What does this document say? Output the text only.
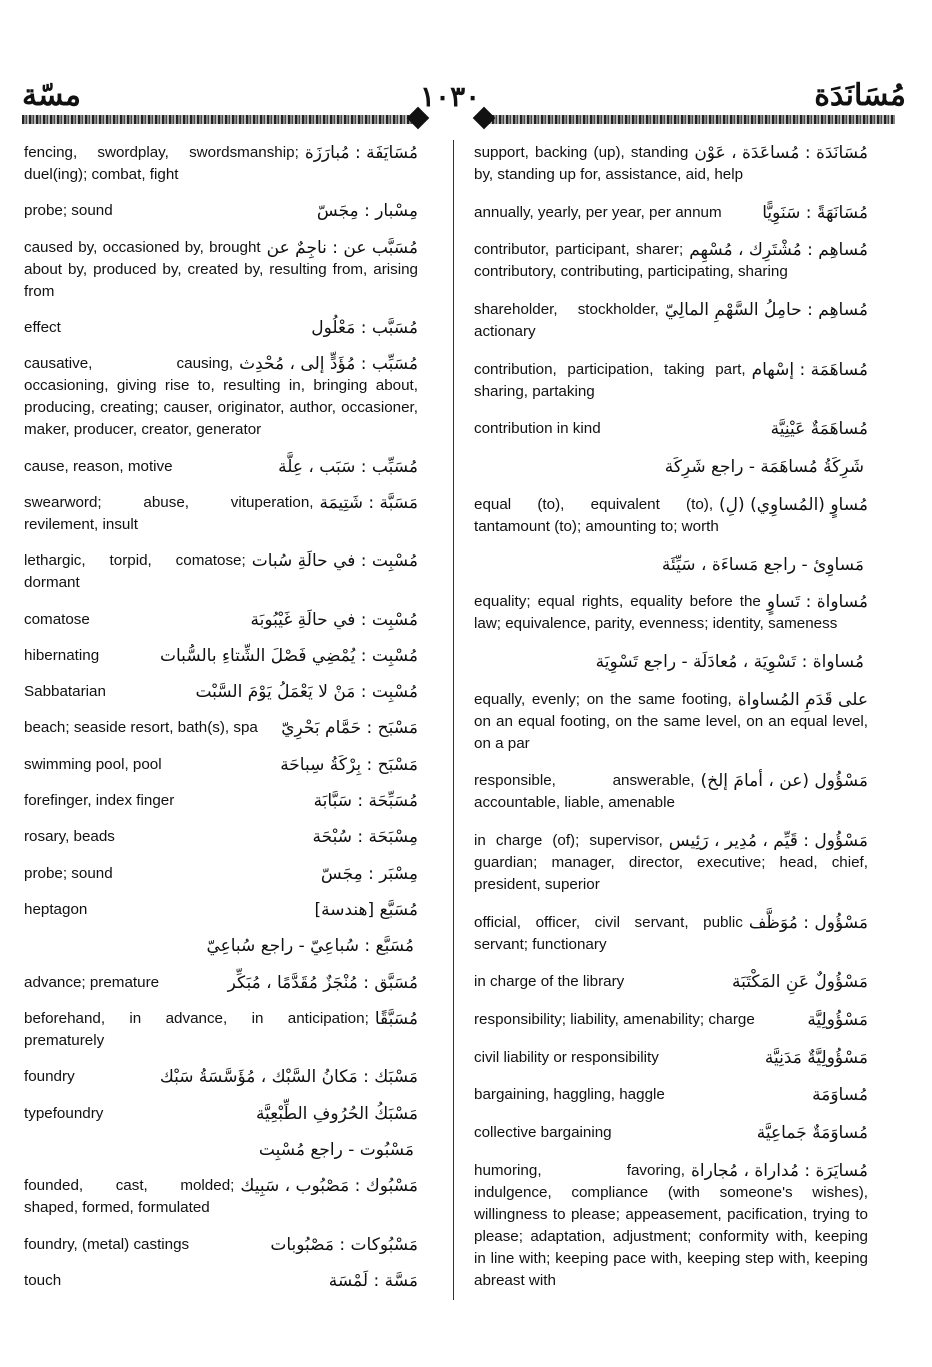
مسّة	١٠٣٠	مُسَانَدَة
مُسَايَفَة : مُبارَزَة
fencing, swordplay, swordsmanship; duel(ing); combat, fight
مِسْبار : مِجَسّ
probe; sound
مُسَبَّب عن : ناجِمٌ عن
caused by, occasioned by, brought about by, produced by, created by, resulting from, arising from
مُسَبَّب : مَعْلُول
effect
مُسَبِّب : مُؤَدٍّ إلى ، مُحْدِث
causative, causing, occasioning, giving rise to, resulting in, bringing about, producing, creating; causer, originator, author, occasioner, maker, producer, creator, generator
مُسَبِّب : سَبَب ، عِلَّة
cause, reason, motive
مَسَبَّة : شَتِيمَة
swearword; abuse, vituperation, revilement, insult
مُسْبِت : في حالَةِ سُبات
lethargic, torpid, comatose; dormant
مُسْبِت : في حالَةِ غَيْبُوبَة
comatose
مُسْبِت : يُمْضِي فَصْلَ الشِّتاءِ بالسُّبات
hibernating
مُسْبِت : مَنْ لا يَعْمَلُ يَوْمَ السَّبْت
Sabbatarian
مَسْبَح : حَمَّام بَحْرِيّ
beach; seaside resort, bath(s), spa
مَسْبَح : بِرْكَةُ سِباحَة
swimming pool, pool
مُسَبِّحَة : سَبَّابَة
forefinger, index finger
مِسْبَحَة : سُبْحَة
rosary, beads
مِسْبَر : مِجَسّ
probe; sound
مُسَبَّع [هندسة]
heptagon
مُسَبَّع : سُباعِيّ - راجع سُباعِيّ
مُسَبَّق : مُنْجَزٌ مُقَدَّمًا ، مُبَكِّر
advance; premature
مُسَبَّقًا
beforehand, in advance, in anticipation; prematurely
مَسْبَك : مَكانُ السَّبْك ، مُؤَسَّسَةُ سَبْك
foundry
مَسْبَكُ الحُرُوفِ الطِّبْعِيَّة
typefoundry
مَسْبُوت - راجع مُسْبِت
مَسْبُوك : مَصْبُوب ، سَبِيك
founded, cast, molded; shaped, formed, formulated
مَسْبُوكات : مَصْبُوبات
foundry, (metal) castings
مَسَّة : لَمْسَة
touch
مُسَانَدَة : مُساعَدَة ، عَوْن
support, backing (up), standing by, standing up for, assistance, aid, help
مُسَانَهَةً : سَنَوِيًّا
annually, yearly, per year, per annum
مُساهِم : مُشْتَرِك ، مُسْهِم
contributor, participant, sharer; contributory, contributing, participating, sharing
مُساهِم : حامِلُ السَّهْمِ المالِيّ
shareholder, stockholder, actionary
مُساهَمَة : إسْهام
contribution, participation, taking part, sharing, partaking
مُساهَمَةٌ عَيْنِيَّة
contribution in kind
شَرِكَةُ مُساهَمَة - راجع شَرِكَة
مُساوٍ (المُساوِي) (لِ)
equal (to), equivalent (to), tantamount (to); amounting to; worth
مَساوِئ - راجع مَساءَة ، سَيِّئَة
مُساواة : تَساوٍ
equality; equal rights, equality before the law; equivalence, parity, evenness; identity, sameness
مُساواة : تَسْوِيَة ، مُعادَلَة - راجع تَسْوِيَة
على قَدَمِ المُساواة
equally, evenly; on the same footing, on an equal footing, on the same level, on an equal level, on a par
مَسْؤُول (عن ، أمامَ إلخ)
responsible, answerable, accountable, liable, amenable
مَسْؤُول : قَيِّم ، مُدِير ، رَئِيس
in charge (of); supervisor, guardian; manager, director, executive; head, chief, president, superior
مَسْؤُول : مُوَظَّف
official, officer, civil servant, public servant; functionary
مَسْؤُولٌ عَنِ المَكْتَبَة
in charge of the library
مَسْؤُولِيَّة
responsibility; liability, amenability; charge
مَسْؤُولِيَّةٌ مَدَنِيَّة
civil liability or responsibility
مُساوَمَة
bargaining, haggling, haggle
مُساوَمَةٌ جَماعِيَّة
collective bargaining
مُسايَرَة : مُداراة ، مُجاراة
humoring, favoring, indulgence, compliance (with someone's wishes), willingness to please; appeasement, pacification, trying to please; adaptation, adjustment; conformity with, keeping in line with; keeping pace with, keeping step with, keeping abreast with
